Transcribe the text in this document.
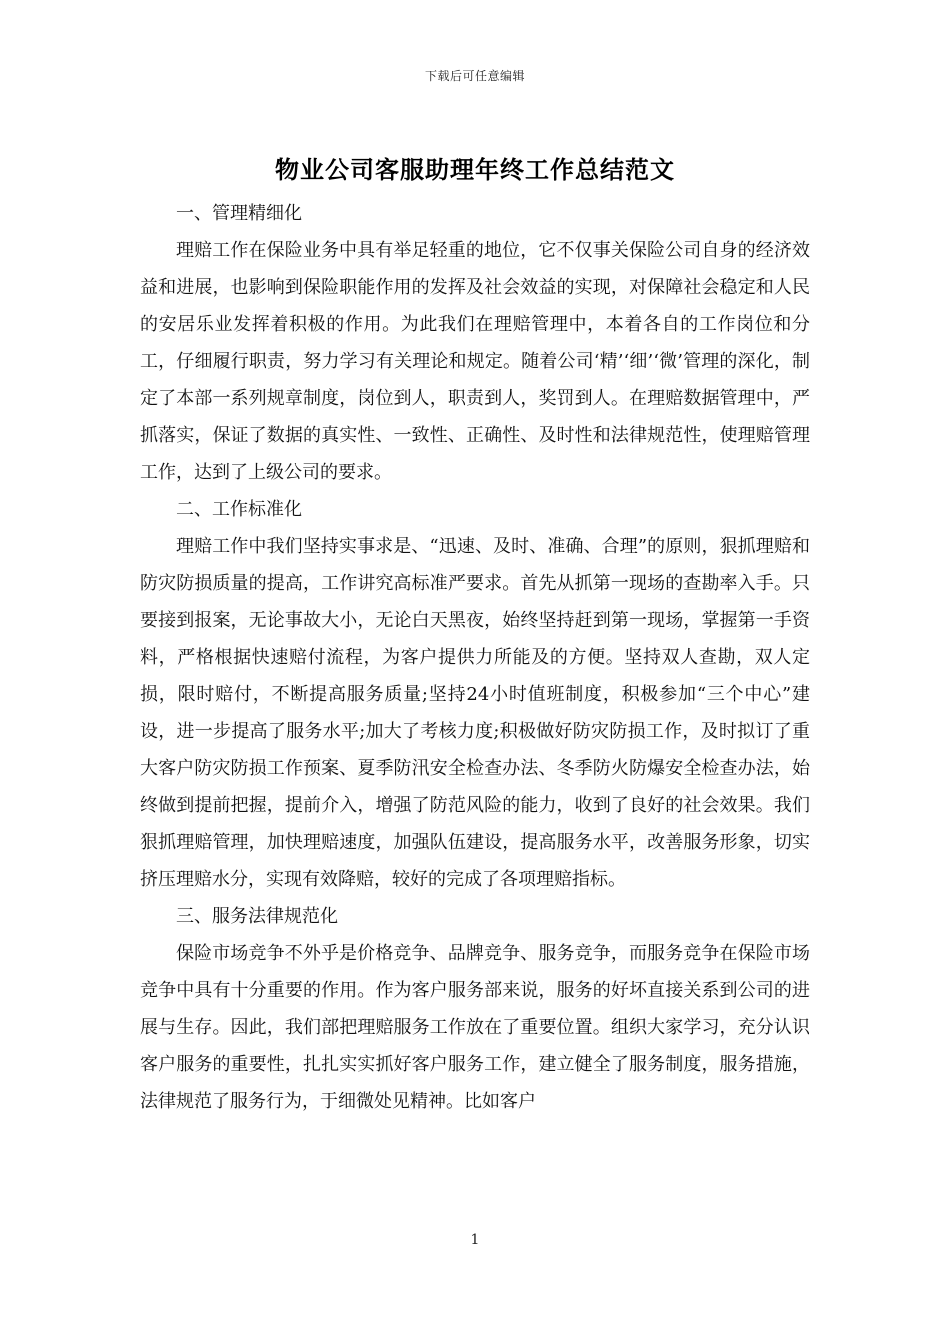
下载后可任意编辑
物业公司客服助理年终工作总结范文

一、管理精细化

理赔工作在保险业务中具有举足轻重的地位，它不仅事关保险公司自身的经济效益和进展，也影响到保险职能作用的发挥及社会效益的实现，对保障社会稳定和人民的安居乐业发挥着积极的作用。为此我们在理赔管理中，本着各自的工作岗位和分工，仔细履行职责，努力学习有关理论和规定。随着公司‘精’‘细’‘微’管理的深化，制定了本部一系列规章制度，岗位到人，职责到人，奖罚到人。在理赔数据管理中，严抓落实，保证了数据的真实性、一致性、正确性、及时性和法律规范性，使理赔管理工作，达到了上级公司的要求。

二、工作标准化

理赔工作中我们坚持实事求是、“迅速、及时、准确、合理”的原则，狠抓理赔和防灾防损质量的提高，工作讲究高标准严要求。首先从抓第一现场的查勘率入手。只要接到报案，无论事故大小，无论白天黑夜，始终坚持赶到第一现场，掌握第一手资料，严格根据快速赔付流程，为客户提供力所能及的方便。坚持双人查勘，双人定损，限时赔付，不断提高服务质量;坚持24小时值班制度，积极参加“三个中心”建设，进一步提高了服务水平;加大了考核力度;积极做好防灾防损工作，及时拟订了重大客户防灾防损工作预案、夏季防汛安全检查办法、冬季防火防爆安全检查办法，始终做到提前把握，提前介入，增强了防范风险的能力，收到了良好的社会效果。我们狠抓理赔管理，加快理赔速度，加强队伍建设，提高服务水平，改善服务形象，切实挤压理赔水分，实现有效降赔，较好的完成了各项理赔指标。

三、服务法律规范化

保险市场竞争不外乎是价格竞争、品牌竞争、服务竞争，而服务竞争在保险市场竞争中具有十分重要的作用。作为客户服务部来说，服务的好坏直接关系到公司的进展与生存。因此，我们部把理赔服务工作放在了重要位置。组织大家学习，充分认识客户服务的重要性，扎扎实实抓好客户服务工作，建立健全了服务制度，服务措施，法律规范了服务行为，于细微处见精神。比如客户

1
